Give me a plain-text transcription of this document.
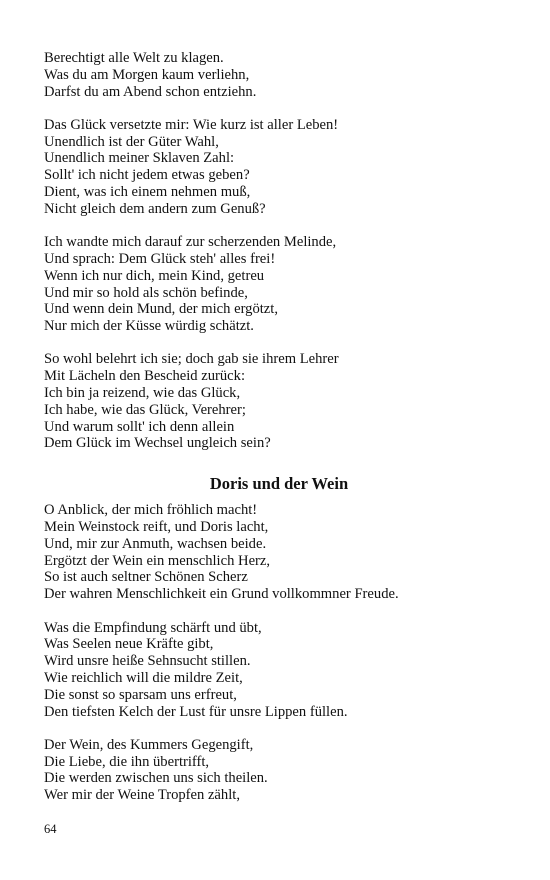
Berechtigt alle Welt zu klagen.
Was du am Morgen kaum verliehn,
Darfst du am Abend schon entziehn.
Das Glück versetzte mir: Wie kurz ist aller Leben!
Unendlich ist der Güter Wahl,
Unendlich meiner Sklaven Zahl:
Sollt' ich nicht jedem etwas geben?
Dient, was ich einem nehmen muß,
Nicht gleich dem andern zum Genuß?
Ich wandte mich darauf zur scherzenden Melinde,
Und sprach: Dem Glück steh' alles frei!
Wenn ich nur dich, mein Kind, getreu
Und mir so hold als schön befinde,
Und wenn dein Mund, der mich ergötzt,
Nur mich der Küsse würdig schätzt.
So wohl belehrt ich sie; doch gab sie ihrem Lehrer
Mit Lächeln den Bescheid zurück:
Ich bin ja reizend, wie das Glück,
Ich habe, wie das Glück, Verehrer;
Und warum sollt' ich denn allein
Dem Glück im Wechsel ungleich sein?
Doris und der Wein
O Anblick, der mich fröhlich macht!
Mein Weinstock reift, und Doris lacht,
Und, mir zur Anmuth, wachsen beide.
Ergötzt der Wein ein menschlich Herz,
So ist auch seltner Schönen Scherz
Der wahren Menschlichkeit ein Grund vollkommner Freude.
Was die Empfindung schärft und übt,
Was Seelen neue Kräfte gibt,
Wird unsre heiße Sehnsucht stillen.
Wie reichlich will die mildre Zeit,
Die sonst so sparsam uns erfreut,
Den tiefsten Kelch der Lust für unsre Lippen füllen.
Der Wein, des Kummers Gegengift,
Die Liebe, die ihn übertrifft,
Die werden zwischen uns sich theilen.
Wer mir der Weine Tropfen zählt,
64
